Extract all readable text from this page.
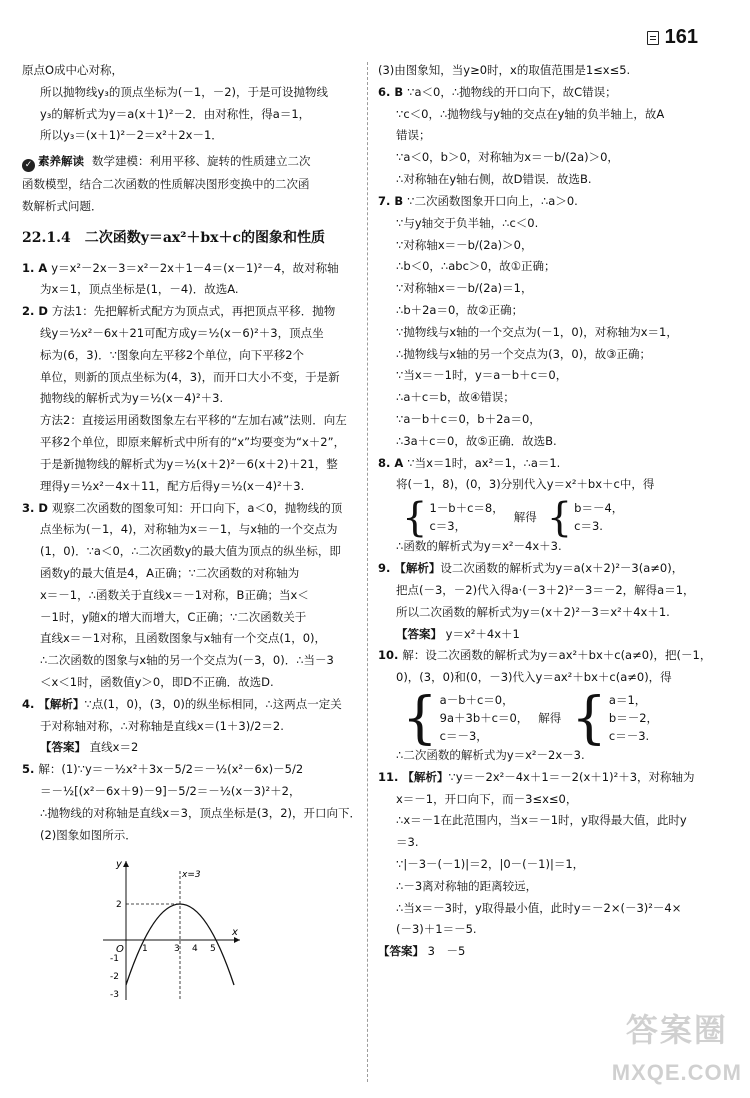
161

原点O成中心对称，

所以抛物线y₃的顶点坐标为(－1，－2)，于是可设抛物线

y₃的解析式为y＝a(x＋1)²－2．由对称性，得a＝1，

所以y₃＝(x＋1)²－2＝x²＋2x－1．

✓ 素养解读 数学建模：利用平移、旋转的性质建立二次

函数模型，结合二次函数的性质解决图形变换中的二次函

数解析式问题．

22.1.4　二次函数y＝ax²＋bx＋c的图象和性质

1. A y＝x²－2x－3＝x²－2x＋1－4＝(x－1)²－4，故对称轴

为x＝1，顶点坐标是(1，－4)．故选A.

2. D 方法1：先把解析式配方为顶点式，再把顶点平移．抛物

线y＝½x²－6x＋21可配方成y＝½(x－6)²＋3，顶点坐

标为(6，3)．∵图象向左平移2个单位，向下平移2个

单位，则新的顶点坐标为(4，3)，而开口大小不变，于是新

抛物线的解析式为y＝½(x－4)²＋3.

方法2：直接运用函数图象左右平移的“左加右减”法则．向左

平移2个单位，即原来解析式中所有的“x”均要变为“x＋2”，

于是新抛物线的解析式为y＝½(x＋2)²－6(x＋2)＋21，整

理得y＝½x²－4x＋11，配方后得y＝½(x－4)²＋3.

3. D 观察二次函数的图象可知：开口向下，a＜0，抛物线的顶

点坐标为(－1，4)，对称轴为x＝－1，与x轴的一个交点为

(1，0)．∵a＜0，∴二次函数y的最大值为顶点的纵坐标，即

函数y的最大值是4，A正确；∵二次函数的对称轴为

x＝－1，∴函数关于直线x＝－1对称，B正确；当x＜

－1时，y随x的增大而增大，C正确；∵二次函数关于

直线x＝－1对称，且函数图象与x轴有一个交点(1，0)，

∴二次函数的图象与x轴的另一个交点为(－3，0)．∴当－3

＜x＜1时，函数值y＞0，即D不正确．故选D.

4. 【解析】∵点(1，0)，(3，0)的纵坐标相同，∴这两点一定关

于对称轴对称，∴对称轴是直线x＝(1＋3)/2＝2.

【答案】 直线x＝2

5. 解：(1)∵y＝－½x²＋3x－5/2＝－½(x²－6x)－5/2

＝－½[(x²－6x＋9)－9]－5/2＝－½(x－3)²＋2，

∴抛物线的对称轴是直线x＝3，顶点坐标是(3，2)，开口向下．

(2)图象如图所示．

x
y
O
x=3
1	3 4 5
2
-1
-2
-3

(3)由图象知，当y≥0时，x的取值范围是1≤x≤5.

6. B ∵a＜0，∴抛物线的开口向下，故C错误；

∵c＜0，∴抛物线与y轴的交点在y轴的负半轴上，故A

错误；

∵a＜0，b＞0，对称轴为x＝－b/(2a)＞0，

∴对称轴在y轴右侧，故D错误．故选B.

7. B ∵二次函数图象开口向上，∴a＞0.

∵与y轴交于负半轴，∴c＜0.

∵对称轴x＝－b/(2a)＞0，

∴b＜0，∴abc＞0，故①正确；

∵对称轴x＝－b/(2a)＝1，

∴b＋2a＝0，故②正确；

∵抛物线与x轴的一个交点为(－1，0)，对称轴为x＝1，

∴抛物线与x轴的另一个交点为(3，0)，故③正确；

∵当x＝－1时，y＝a－b＋c＝0，

∴a＋c＝b，故④错误；

∵a－b＋c＝0，b＋2a＝0，

∴3a＋c＝0，故⑤正确．故选B.

8. A ∵当x＝1时，ax²＝1，∴a＝1.

将(－1，8)，(0，3)分别代入y＝x²＋bx＋c中，得

{ 1－b＋c＝8，
c＝3，
解得 { b＝－4，
c＝3.

∴函数的解析式为y＝x²－4x＋3.

9. 【解析】设二次函数的解析式为y＝a(x＋2)²－3(a≠0)，

把点(－3，－2)代入得a·(－3＋2)²－3＝－2，解得a＝1，

所以二次函数的解析式为y＝(x＋2)²－3＝x²＋4x＋1.

【答案】 y＝x²＋4x＋1

10. 解：设二次函数的解析式为y＝ax²＋bx＋c(a≠0)，把(－1，

0)，(3，0)和(0，－3)代入y＝ax²＋bx＋c(a≠0)，得

{ a－b＋c＝0，
9a＋3b＋c＝0，
c＝－3，
解得 { a＝1，
b＝－2，
c＝－3.

∴二次函数的解析式为y＝x²－2x－3.

11. 【解析】∵y＝－2x²－4x＋1＝－2(x＋1)²＋3，对称轴为

x＝－1，开口向下，而－3≤x≤0，

∴x＝－1在此范围内，当x＝－1时，y取得最大值，此时y

＝3.

∵|－3－(－1)|＝2，|0－(－1)|＝1，

∴－3离对称轴的距离较远，

∴当x＝－3时，y取得最小值，此时y＝－2×(－3)²－4×

(－3)＋1＝－5.

【答案】 3　－5

答案圈
MXQE.COM
